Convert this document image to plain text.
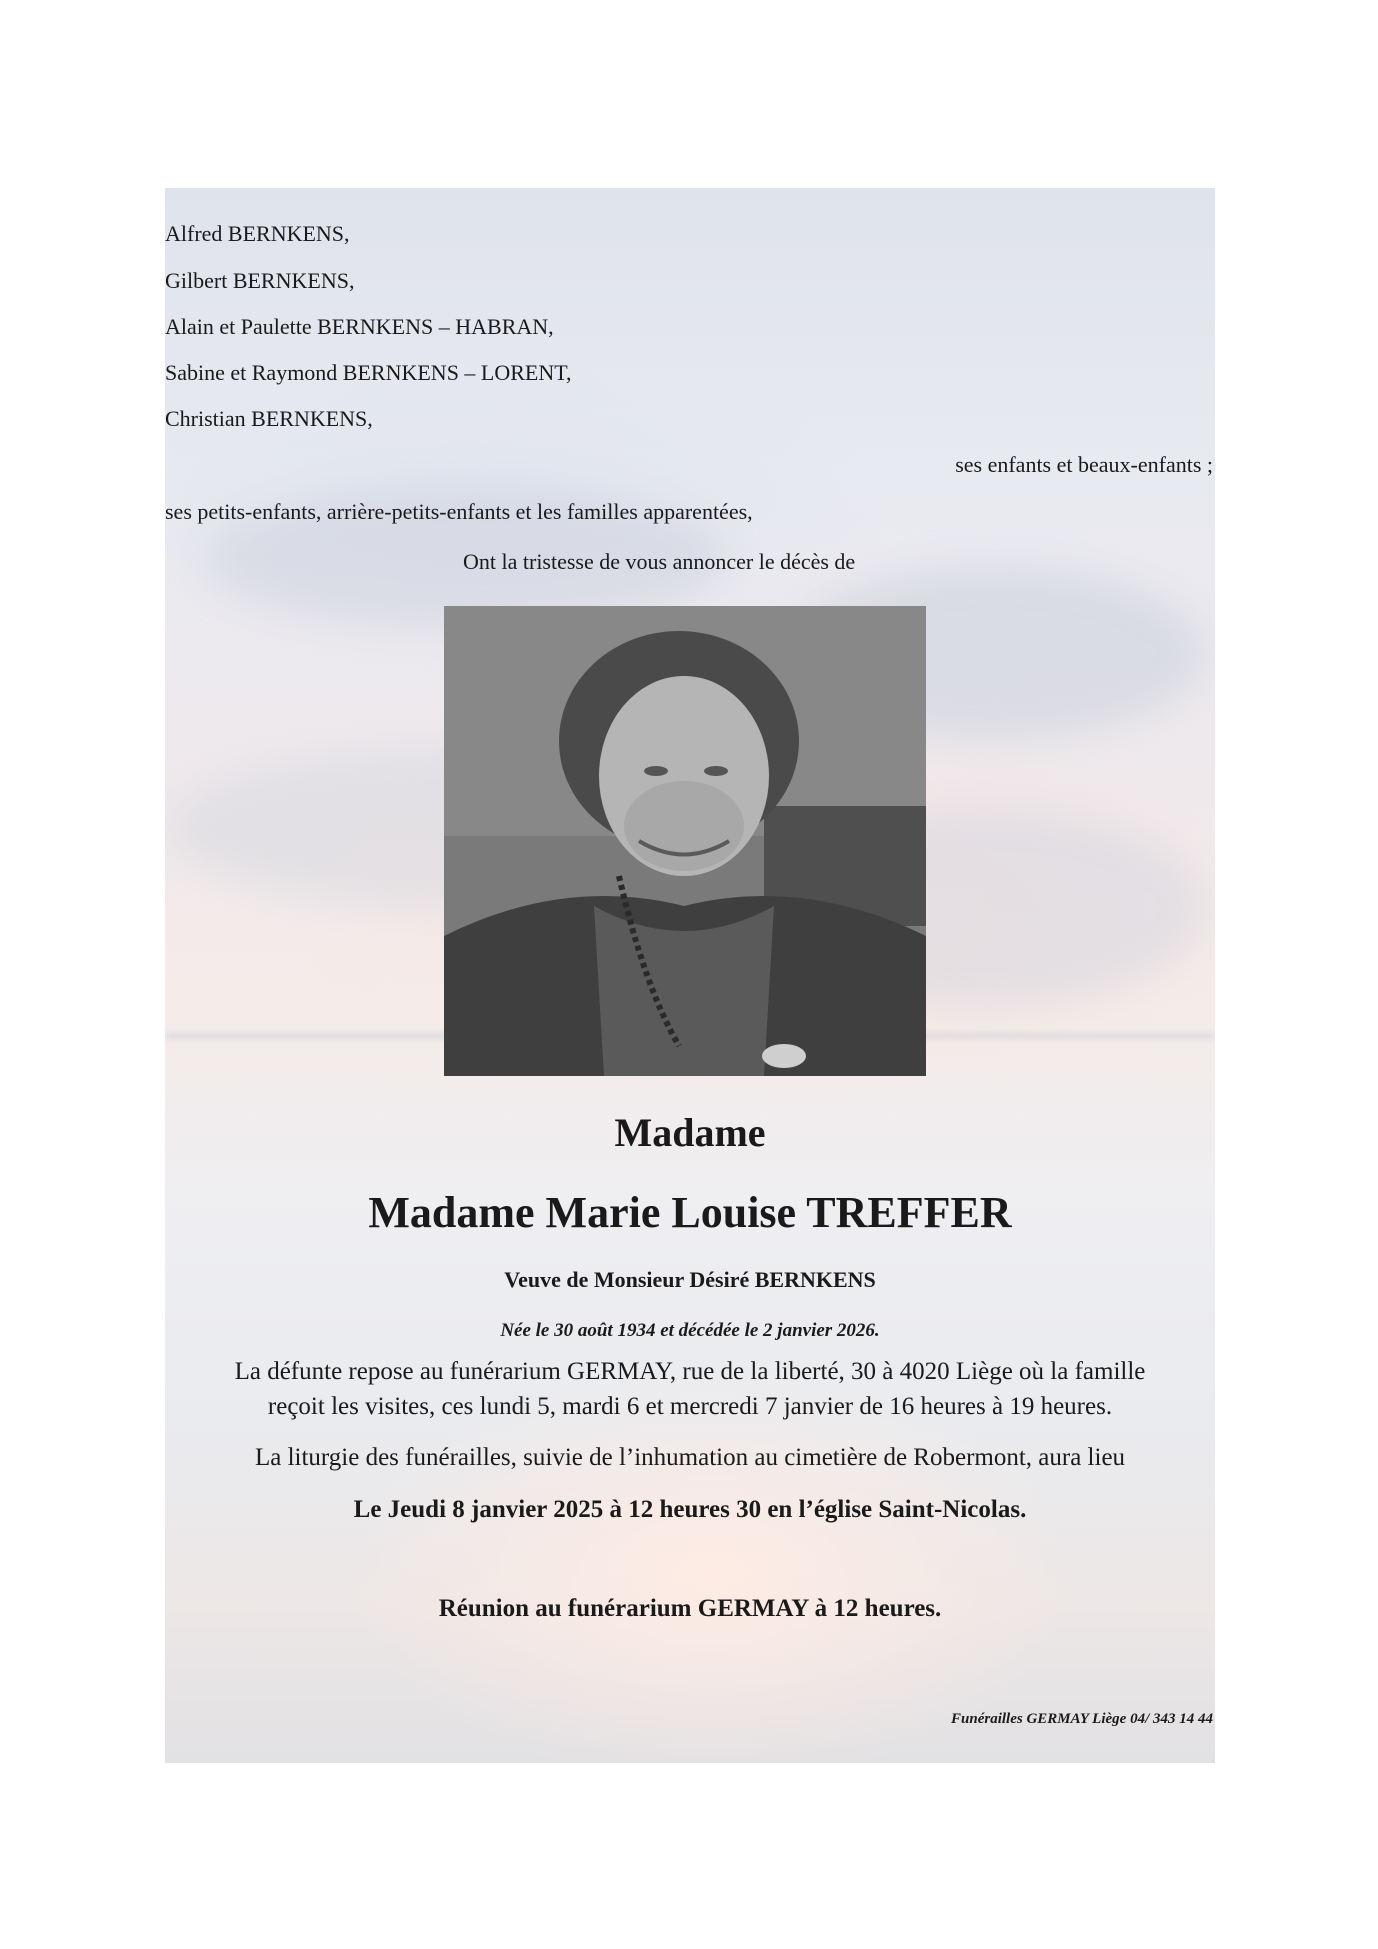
Alfred BERNKENS,
Gilbert BERNKENS,
Alain et Paulette BERNKENS – HABRAN,
Sabine et Raymond BERNKENS – LORENT,
Christian BERNKENS,
ses enfants et beaux-enfants ;
ses petits-enfants, arrière-petits-enfants et les familles apparentées,
Ont la tristesse de vous annoncer le décès de
Madame
Madame Marie Louise TREFFER
Veuve de Monsieur Désiré BERNKENS
Née le 30 août 1934 et décédée le 2 janvier 2026.
La défunte repose au funérarium GERMAY, rue de la liberté, 30 à 4020 Liège où la famille
reçoit les visites, ces lundi 5, mardi 6 et mercredi 7 janvier de 16 heures à 19 heures.
La liturgie des funérailles, suivie de l’inhumation au cimetière de Robermont, aura lieu
Le Jeudi 8 janvier 2025 à 12 heures 30 en l’église Saint-Nicolas.
Réunion au funérarium GERMAY à 12 heures.
Funérailles GERMAY Liège 04/ 343 14 44
